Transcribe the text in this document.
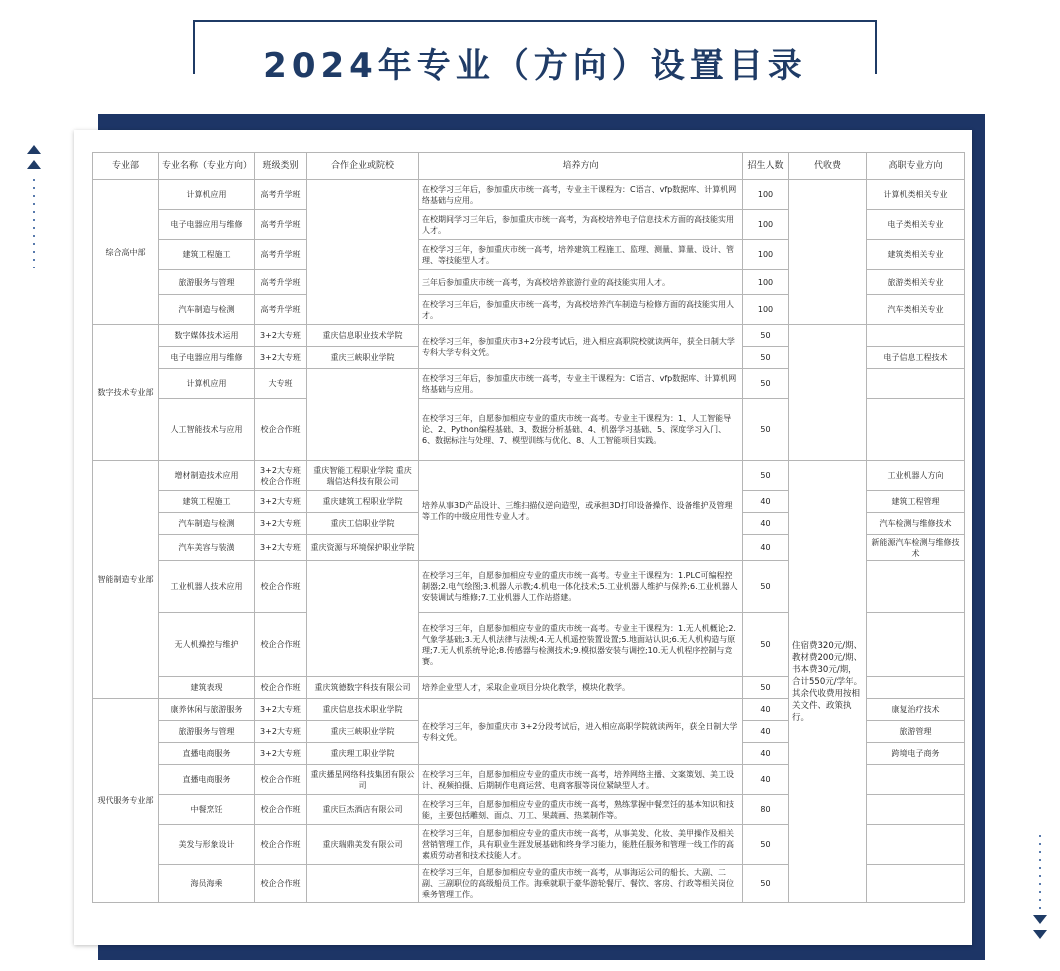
2024年专业（方向）设置目录
专业部	专业名称（专业方向）	班级类别	合作企业或院校	培养方向	招生人数	代收费	高职专业方向
综合高中部	计算机应用	高考升学班		在校学习三年后，参加重庆市统一高考，专业主干课程为：C语言、vfp数据库、计算机网络基础与应用。	100		计算机类相关专业
	电子电器应用与维修	高考升学班		在校期间学习三年后，参加重庆市统一高考，为高校培养电子信息技术方面的高技能实用人才。	100		电子类相关专业
	建筑工程施工	高考升学班		在校学习三年，参加重庆市统一高考，培养建筑工程施工、监理、测量、算量、设计、管理、等技能型人才。	100		建筑类相关专业
	旅游服务与管理	高考升学班		三年后参加重庆市统一高考，为高校培养旅游行业的高技能实用人才。	100		旅游类相关专业
	汽车制造与检测	高考升学班		在校学习三年后，参加重庆市统一高考，为高校培养汽车制造与检修方面的高技能实用人才。	100		汽车类相关专业
数字技术专业部	数字媒体技术运用	3+2大专班	重庆信息职业技术学院	在校学习三年，参加重庆市3+2分段考试后，进入相应高职院校就读两年，获全日制大学专科大学专科文凭。	50		
	电子电器应用与维修	3+2大专班	重庆三峡职业学院		50		电子信息工程技术
	计算机应用	大专班		在校学习三年后，参加重庆市统一高考，专业主干课程为：C语言、vfp数据库、计算机网络基础与应用。	50		
	人工智能技术与应用	校企合作班		在校学习三年，自愿参加相应专业的重庆市统一高考。专业主干课程为：1、人工智能导论、2、Python编程基础、3、数据分析基础、4、机器学习基础、5、深度学习入门、6、数据标注与处理、7、模型训练与优化、8、人工智能项目实践。	50		
智能制造专业部	增材制造技术应用	3+2大专班 校企合作班	重庆智能工程职业学院 重庆瑞信达科技有限公司	培养从事3D产品设计、三维扫描仪逆向造型，或承担3D打印设备操作、设备维护及管理等工作的中级应用性专业人才。	50	住宿费320元/期、教材费200元/期、书本费30元/期，合计550元/学年。其余代收费用按相关文件、政策执行。	工业机器人方向
	建筑工程施工	3+2大专班	重庆建筑工程职业学院		40		建筑工程管理
	汽车制造与检测	3+2大专班	重庆工信职业学院		40		汽车检测与维修技术
	汽车美容与装潢	3+2大专班	重庆资源与环境保护职业学院		40		新能源汽车检测与维修技术
	工业机器人技术应用	校企合作班		在校学习三年，自愿参加相应专业的重庆市统一高考。专业主干课程为：1.PLC可编程控制器;2.电气绘图;3.机器人示教;4.机电一体化技术;5.工业机器人维护与保养;6.工业机器人安装调试与维修;7.工业机器人工作站搭建。	50		
	无人机操控与维护	校企合作班		在校学习三年，自愿参加相应专业的重庆市统一高考。专业主干课程为：1.无人机概论;2.气象学基础;3.无人机法律与法规;4.无人机遥控装置设置;5.地面站认识;6.无人机构造与原理;7.无人机系统导论;8.传感器与检测技术;9.模拟器安装与调控;10.无人机程序控制与竞赛。	50		
	建筑表现	校企合作班	重庆筑德数字科技有限公司	培养企业型人才，采取企业项目分块化教学，模块化教学。	50		
现代服务专业部	康养休闲与旅游服务	3+2大专班	重庆信息技术职业学院	在校学习三年，参加重庆市 3+2分段考试后，进入相应高职学院就读两年，获全日制大学专科文凭。	40		康复治疗技术
	旅游服务与管理	3+2大专班	重庆三峡职业学院		40		旅游管理
	直播电商服务	3+2大专班	重庆理工职业学院		40		跨境电子商务
	直播电商服务	校企合作班	重庆播星网络科技集团有限公司	在校学习三年，自愿参加相应专业的重庆市统一高考，培养网络主播、文案策划、美工设计、视频拍摄、后期制作电商运营、电商客服等岗位紧缺型人才。	40		
	中餐烹饪	校企合作班	重庆巨杰酒店有限公司	在校学习三年，自愿参加相应专业的重庆市统一高考，熟练掌握中餐烹饪的基本知识和技能，主要包括雕刻、面点、刀工、果蔬画、热菜制作等。	80		
	美发与形象设计	校企合作班	重庆瑞鼎美发有限公司	在校学习三年，自愿参加相应专业的重庆市统一高考，从事美发、化妆、美甲操作及相关营销管理工作，具有职业生涯发展基础和终身学习能力，能胜任服务和管理一线工作的高素质劳动者和技术技能人才。	50		
	海员海乘	校企合作班		在校学习三年，自愿参加相应专业的重庆市统一高考，从事海运公司的船长、大副、二副、三副职位的高级船员工作。海乘就职于豪华游轮餐厅、餐饮、客房、行政等相关岗位乘务管理工作。	50		
